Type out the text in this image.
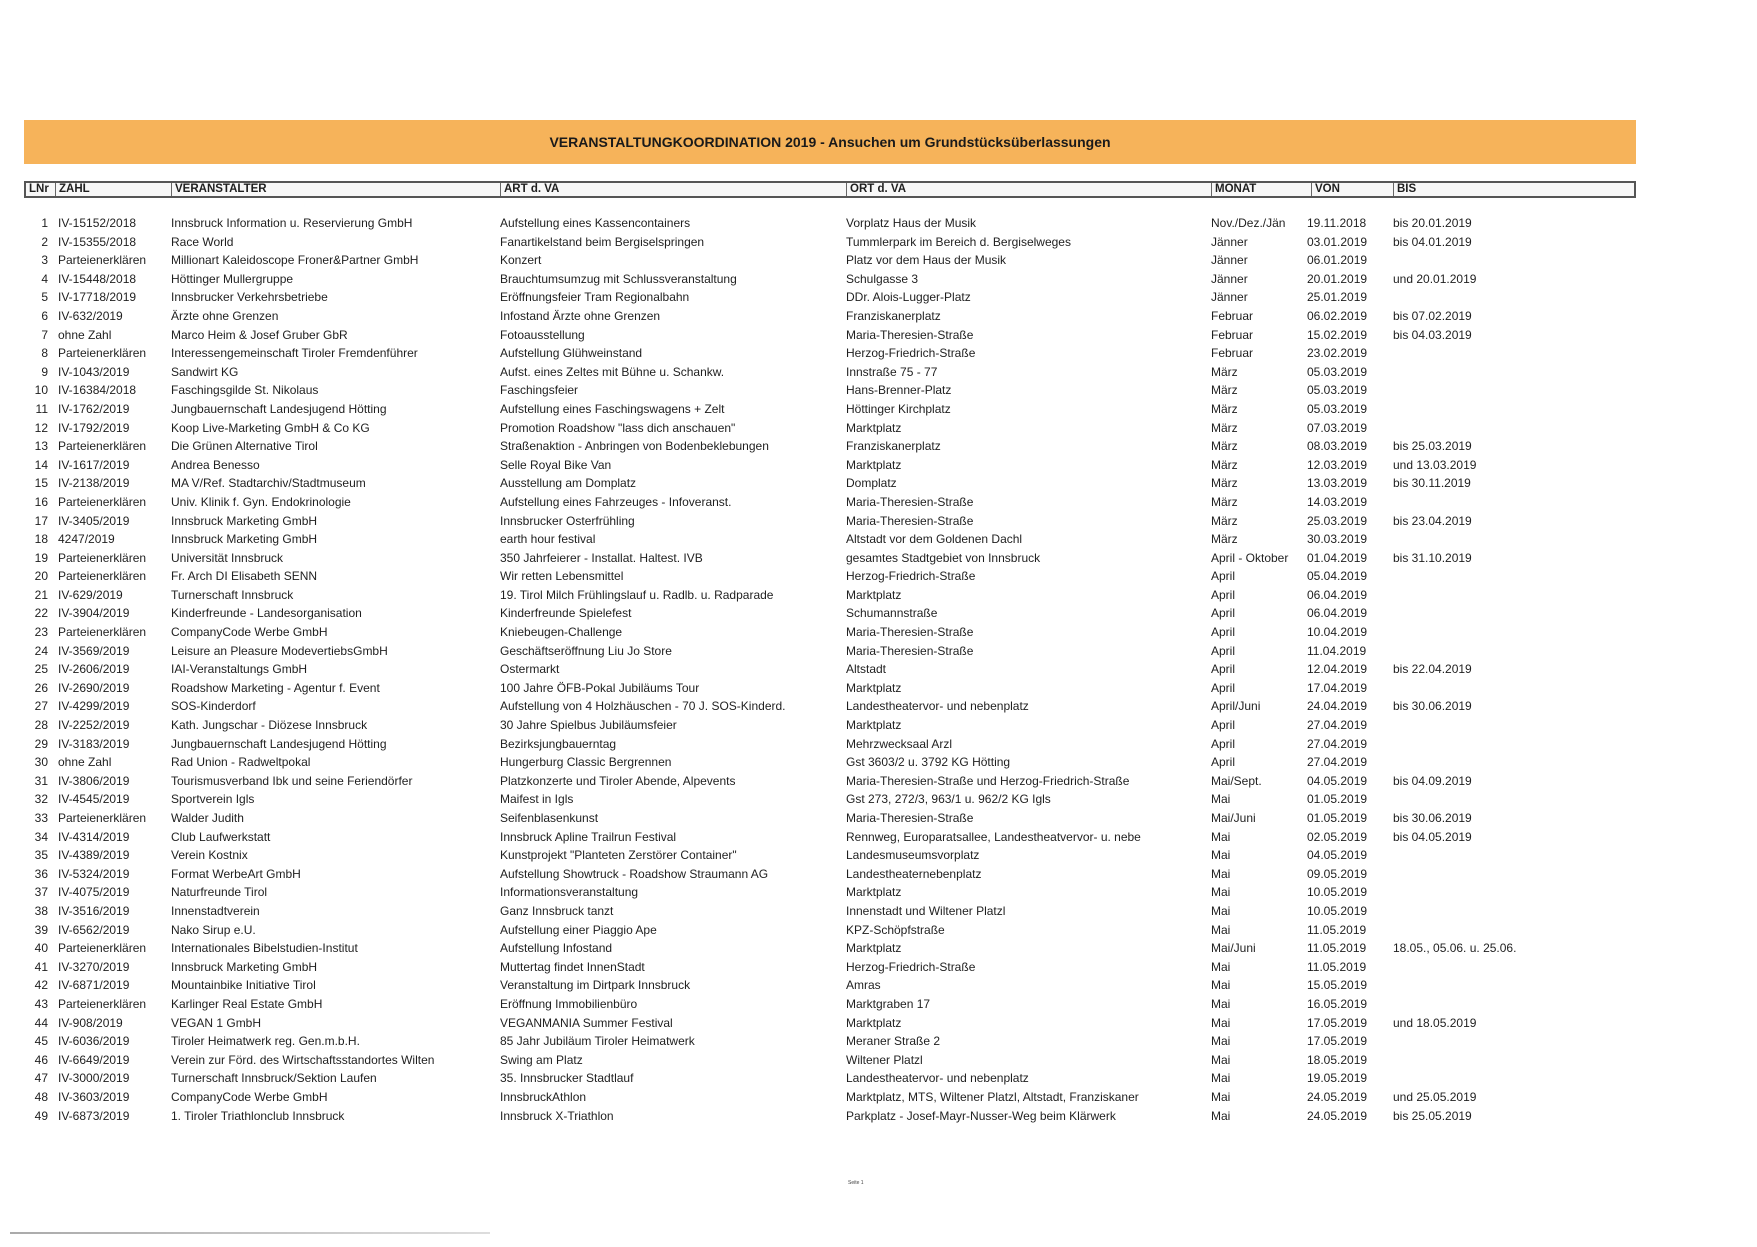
VERANSTALTUNGKOORDINATION 2019 - Ansuchen um Grundstücksüberlassungen
LNr ZAHL	VERANSTALTER	ART d. VA	ORT d. VA	MONAT	VON	BIS
1 IV-15152/2018	Innsbruck Information u. Reservierung GmbH	Aufstellung eines Kassencontainers	Vorplatz Haus der Musik	Nov./Dez./Jän	19.11.2018	bis 20.01.2019
2 IV-15355/2018	Race World	Fanartikelstand beim Bergiselspringen	Tummlerpark im Bereich d. Bergiselweges	Jänner	03.01.2019	bis 04.01.2019
3 Parteienerklären	Millionart Kaleidoscope Froner&Partner GmbH	Konzert	Platz vor dem Haus der Musik	Jänner	06.01.2019
4 IV-15448/2018	Höttinger Mullergruppe	Brauchtumsumzug mit Schlussveranstaltung	Schulgasse 3	Jänner	20.01.2019	und 20.01.2019
5 IV-17718/2019	Innsbrucker Verkehrsbetriebe	Eröffnungsfeier Tram Regionalbahn	DDr. Alois-Lugger-Platz	Jänner	25.01.2019
6 IV-632/2019	Ärzte ohne Grenzen	Infostand Ärzte ohne Grenzen	Franziskanerplatz	Februar	06.02.2019	bis 07.02.2019
7 ohne Zahl	Marco Heim & Josef Gruber GbR	Fotoausstellung	Maria-Theresien-Straße	Februar	15.02.2019	bis 04.03.2019
8 Parteienerklären	Interessengemeinschaft Tiroler Fremdenführer	Aufstellung Glühweinstand	Herzog-Friedrich-Straße	Februar	23.02.2019
9 IV-1043/2019	Sandwirt KG	Aufst. eines Zeltes mit Bühne u. Schankw.	Innstraße 75 - 77	März	05.03.2019
10 IV-16384/2018	Faschingsgilde St. Nikolaus	Faschingsfeier	Hans-Brenner-Platz	März	05.03.2019
11 IV-1762/2019	Jungbauernschaft Landesjugend Hötting	Aufstellung eines Faschingswagens + Zelt	Höttinger Kirchplatz	März	05.03.2019
12 IV-1792/2019	Koop Live-Marketing GmbH & Co KG	Promotion Roadshow "lass dich anschauen"	Marktplatz	März	07.03.2019
13 Parteienerklären	Die Grünen Alternative Tirol	Straßenaktion - Anbringen von Bodenbeklebungen	Franziskanerplatz	März	08.03.2019	bis 25.03.2019
14 IV-1617/2019	Andrea Benesso	Selle Royal Bike Van	Marktplatz	März	12.03.2019	und 13.03.2019
15 IV-2138/2019	MA V/Ref. Stadtarchiv/Stadtmuseum	Ausstellung am Domplatz	Domplatz	März	13.03.2019	bis 30.11.2019
16 Parteienerklären	Univ. Klinik f. Gyn. Endokrinologie	Aufstellung eines Fahrzeuges - Infoveranst.	Maria-Theresien-Straße	März	14.03.2019
17 IV-3405/2019	Innsbruck Marketing GmbH	Innsbrucker Osterfrühling	Maria-Theresien-Straße	März	25.03.2019	bis 23.04.2019
18 4247/2019	Innsbruck Marketing GmbH	earth hour festival	Altstadt vor dem Goldenen Dachl	März	30.03.2019
19 Parteienerklären	Universität Innsbruck	350 Jahrfeierer - Installat. Haltest. IVB	gesamtes Stadtgebiet von Innsbruck	April - Oktober	01.04.2019	bis 31.10.2019
20 Parteienerklären	Fr. Arch DI Elisabeth SENN	Wir retten Lebensmittel	Herzog-Friedrich-Straße	April	05.04.2019
21 IV-629/2019	Turnerschaft Innsbruck	19. Tirol Milch Frühlingslauf u. Radlb. u. Radparade	Marktplatz	April	06.04.2019
22 IV-3904/2019	Kinderfreunde - Landesorganisation	Kinderfreunde Spielefest	Schumannstraße	April	06.04.2019
23 Parteienerklären	CompanyCode Werbe GmbH	Kniebeugen-Challenge	Maria-Theresien-Straße	April	10.04.2019
24 IV-3569/2019	Leisure an Pleasure ModevertiebsGmbH	Geschäftseröffnung Liu Jo Store	Maria-Theresien-Straße	April	11.04.2019
25 IV-2606/2019	IAI-Veranstaltungs GmbH	Ostermarkt	Altstadt	April	12.04.2019	bis 22.04.2019
26 IV-2690/2019	Roadshow Marketing - Agentur f. Event	100 Jahre ÖFB-Pokal Jubiläums Tour	Marktplatz	April	17.04.2019
27 IV-4299/2019	SOS-Kinderdorf	Aufstellung von 4 Holzhäuschen - 70 J. SOS-Kinderd.	Landestheatervor- und nebenplatz	April/Juni	24.04.2019	bis 30.06.2019
28 IV-2252/2019	Kath. Jungschar - Diözese Innsbruck	30 Jahre Spielbus Jubiläumsfeier	Marktplatz	April	27.04.2019
29 IV-3183/2019	Jungbauernschaft Landesjugend Hötting	Bezirksjungbauerntag	Mehrzwecksaal Arzl	April	27.04.2019
30 ohne Zahl	Rad Union - Radweltpokal	Hungerburg Classic Bergrennen	Gst 3603/2 u. 3792 KG Hötting	April	27.04.2019
31 IV-3806/2019	Tourismusverband Ibk und seine Feriendörfer	Platzkonzerte und Tiroler Abende, Alpevents	Maria-Theresien-Straße und Herzog-Friedrich-Straße	Mai/Sept.	04.05.2019	bis 04.09.2019
32 IV-4545/2019	Sportverein Igls	Maifest in Igls	Gst 273, 272/3, 963/1 u. 962/2 KG Igls	Mai	01.05.2019
33 Parteienerklären	Walder Judith	Seifenblasenkunst	Maria-Theresien-Straße	Mai/Juni	01.05.2019	bis 30.06.2019
34 IV-4314/2019	Club Laufwerkstatt	Innsbruck Apline Trailrun Festival	Rennweg, Europaratsallee, Landestheatvervor- u. nebe	Mai	02.05.2019	bis 04.05.2019
35 IV-4389/2019	Verein Kostnix	Kunstprojekt "Planteten Zerstörer Container"	Landesmuseumsvorplatz	Mai	04.05.2019
36 IV-5324/2019	Format WerbeArt GmbH	Aufstellung Showtruck - Roadshow Straumann AG	Landestheaternebenplatz	Mai	09.05.2019
37 IV-4075/2019	Naturfreunde Tirol	Informationsveranstaltung	Marktplatz	Mai	10.05.2019
38 IV-3516/2019	Innenstadtverein	Ganz Innsbruck tanzt	Innenstadt und Wiltener Platzl	Mai	10.05.2019
39 IV-6562/2019	Nako Sirup e.U.	Aufstellung einer Piaggio Ape	KPZ-Schöpfstraße	Mai	11.05.2019
40 Parteienerklären	Internationales Bibelstudien-Institut	Aufstellung Infostand	Marktplatz	Mai/Juni	11.05.2019	18.05., 05.06. u. 25.06.
41 IV-3270/2019	Innsbruck Marketing GmbH	Muttertag findet InnenStadt	Herzog-Friedrich-Straße	Mai	11.05.2019
42 IV-6871/2019	Mountainbike Initiative Tirol	Veranstaltung im Dirtpark Innsbruck	Amras	Mai	15.05.2019
43 Parteienerklären	Karlinger Real Estate GmbH	Eröffnung Immobilienbüro	Marktgraben 17	Mai	16.05.2019
44 IV-908/2019	VEGAN 1 GmbH	VEGANMANIA Summer Festival	Marktplatz	Mai	17.05.2019	und 18.05.2019
45 IV-6036/2019	Tiroler Heimatwerk reg. Gen.m.b.H.	85 Jahr Jubiläum Tiroler Heimatwerk	Meraner Straße 2	Mai	17.05.2019
46 IV-6649/2019	Verein zur Förd. des Wirtschaftsstandortes Wilten	Swing am Platz	Wiltener Platzl	Mai	18.05.2019
47 IV-3000/2019	Turnerschaft Innsbruck/Sektion Laufen	35. Innsbrucker Stadtlauf	Landestheatervor- und nebenplatz	Mai	19.05.2019
48 IV-3603/2019	CompanyCode Werbe GmbH	InnsbruckAthlon	Marktplatz, MTS, Wiltener Platzl, Altstadt, Franziskaner	Mai	24.05.2019	und 25.05.2019
49 IV-6873/2019	1. Tiroler Triathlonclub Innsbruck	Innsbruck X-Triathlon	Parkplatz - Josef-Mayr-Nusser-Weg beim Klärwerk	Mai	24.05.2019	bis 25.05.2019
Seite 1
